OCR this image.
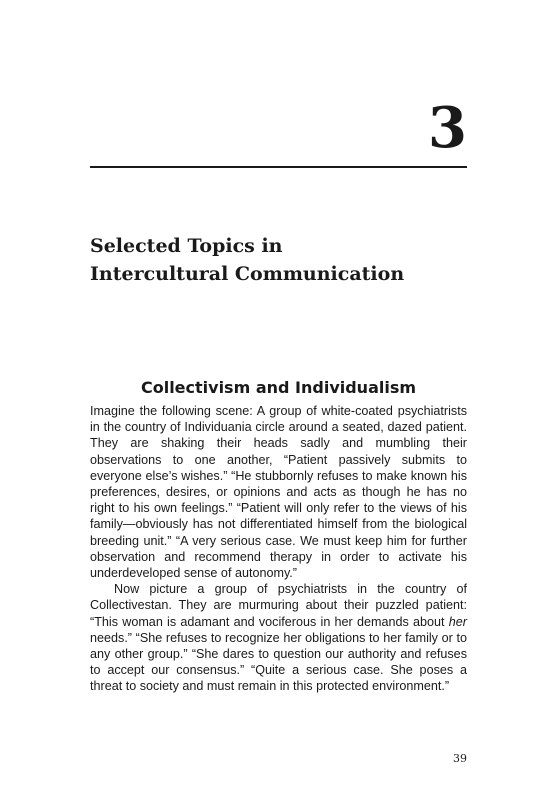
3
Selected Topics in
Intercultural Communication
Collectivism and Individualism

Imagine the following scene: A group of white-coated psychiatrists in the country of Individuania circle around a seated, dazed patient. They are shaking their heads sadly and mumbling their observations to one another, “Patient passively submits to everyone else’s wishes.” “He stubbornly refuses to make known his preferences, desires, or opinions and acts as though he has no right to his own feelings.” “Patient will only refer to the views of his family—obviously has not differentiated himself from the biological breeding unit.” “A very serious case. We must keep him for further observation and recommend therapy in order to activate his underdeveloped sense of autonomy.”

Now picture a group of psychiatrists in the country of Collectivestan. They are murmuring about their puzzled patient: “This woman is adamant and vociferous in her demands about her needs.” “She refuses to recognize her obligations to her family or to any other group.” “She dares to question our authority and refuses to accept our consensus.” “Quite a serious case. She poses a threat to society and must remain in this protected environment.”

39
